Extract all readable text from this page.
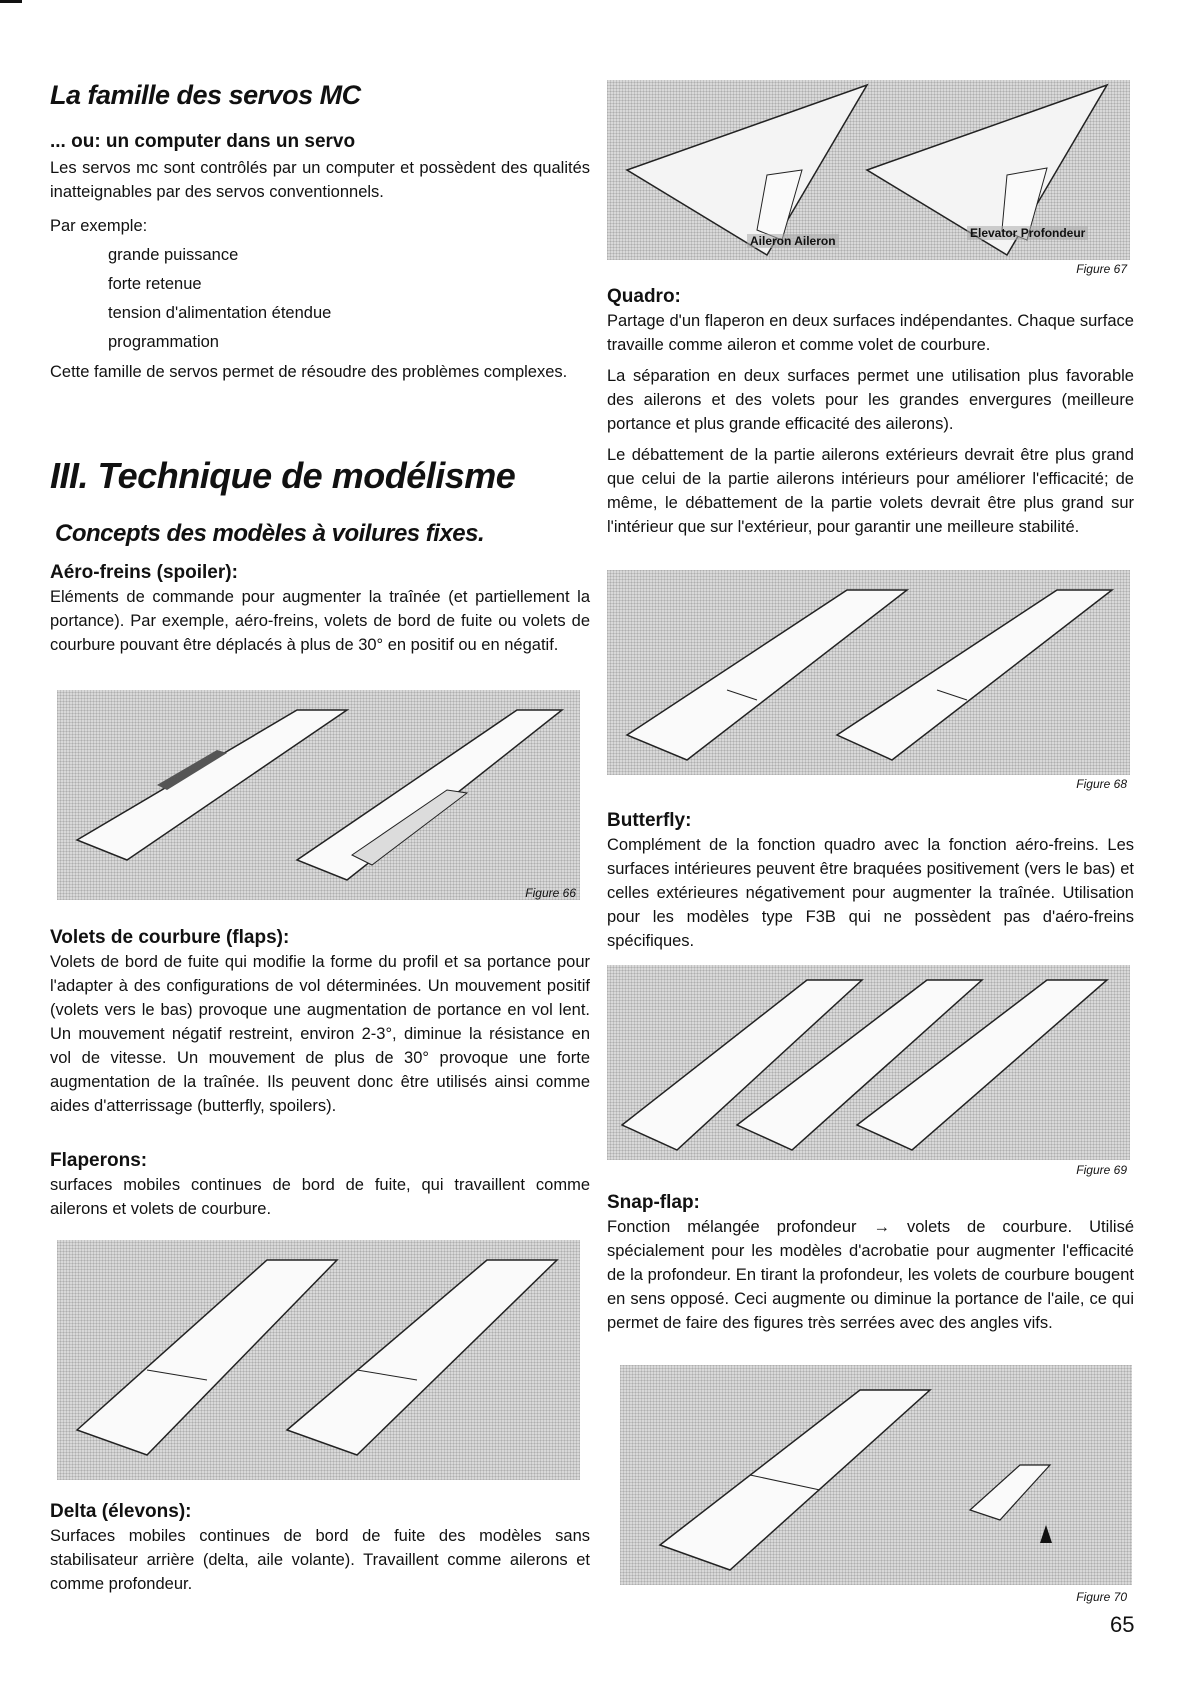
La famille des servos MC
... ou: un computer dans un servo

Les servos mc sont contrôlés par un computer et possèdent des qualités inatteignables par des servos conventionnels.

Par exemple:
grande puissance
forte retenue
tension d'alimentation étendue
programmation

Cette famille de servos permet de résoudre des problèmes complexes.

III. Technique de modélisme
Concepts des modèles à voilures fixes.
Aéro-freins (spoiler):

Eléments de commande pour augmenter la traînée (et partiellement la portance). Par exemple, aéro-freins, volets de bord de fuite ou volets de courbure pouvant être déplacés à plus de 30° en positif ou en négatif.

Figure 66
Volets de courbure (flaps):

Volets de bord de fuite qui modifie la forme du profil et sa portance pour l'adapter à des configurations de vol déterminées. Un mouvement positif (volets vers le bas) provoque une augmentation de portance en vol lent. Un mouvement négatif restreint, environ 2-3°, diminue la résistance en vol de vitesse. Un mouvement de plus de 30° provoque une forte augmentation de la traînée. Ils peuvent donc être utilisés ainsi comme aides d'atterrissage (butterfly, spoilers).

Flaperons:

surfaces mobiles continues de bord de fuite, qui travaillent comme ailerons et volets de courbure.

Delta (élevons):

Surfaces mobiles continues de bord de fuite des modèles sans stabilisateur arrière (delta, aile volante). Travaillent comme ailerons et comme profondeur.

Aileron Aileron
Elevator Profondeur
Figure 67
Quadro:

Partage d'un flaperon en deux surfaces indépendantes. Chaque surface travaille comme aileron et comme volet de courbure.

La séparation en deux surfaces permet une utilisation plus favorable des ailerons et des volets pour les grandes envergures (meilleure portance et plus grande efficacité des ailerons).

Le débattement de la partie ailerons extérieurs devrait être plus grand que celui de la partie ailerons intérieurs pour améliorer l'efficacité; de même, le débattement de la partie volets devrait être plus grand sur l'intérieur que sur l'extérieur, pour garantir une meilleure stabilité.

Figure 68
Butterfly:

Complément de la fonction quadro avec la fonction aéro-freins. Les surfaces intérieures peuvent être braquées positivement (vers le bas) et celles extérieures négativement pour augmenter la traînée. Utilisation pour les modèles type F3B qui ne possèdent pas d'aéro-freins spécifiques.

Figure 69
Snap-flap:

Fonction mélangée profondeur → volets de courbure. Utilisé spécialement pour les modèles d'acrobatie pour augmenter l'efficacité de la profondeur. En tirant la profondeur, les volets de courbure bougent en sens opposé. Ceci augmente ou diminue la portance de l'aile, ce qui permet de faire des figures très serrées avec des angles vifs.

Figure 70
65
